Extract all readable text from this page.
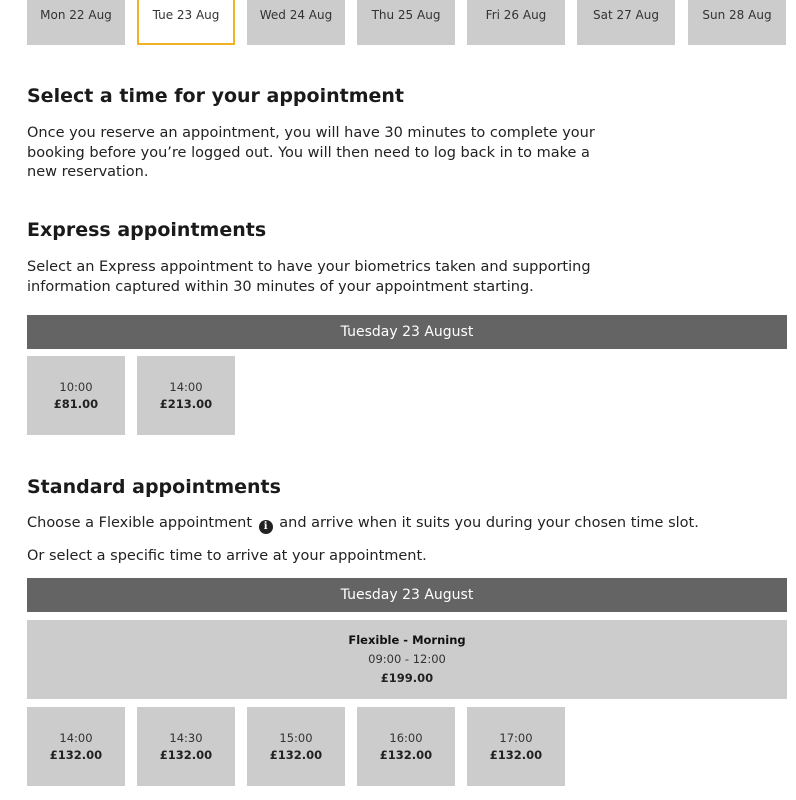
Mon 22 Aug	Tue 23 Aug	Wed 24 Aug	Thu 25 Aug	Fri 26 Aug	Sat 27 Aug	Sun 28 Aug
Select a time for your appointment
Once you reserve an appointment, you will have 30 minutes to complete your
booking before you’re logged out. You will then need to log back in to make a
new reservation.
Express appointments
Select an Express appointment to have your biometrics taken and supporting
information captured within 30 minutes of your appointment starting.
Tuesday 23 August
10:00
£81.00
14:00
£213.00
Standard appointments
Choose a Flexible appointment i and arrive when it suits you during your chosen time slot.
Or select a specific time to arrive at your appointment.
Tuesday 23 August
Flexible - Morning
09:00 - 12:00
£199.00
14:00
£132.00
14:30
£132.00
15:00
£132.00
16:00
£132.00
17:00
£132.00
